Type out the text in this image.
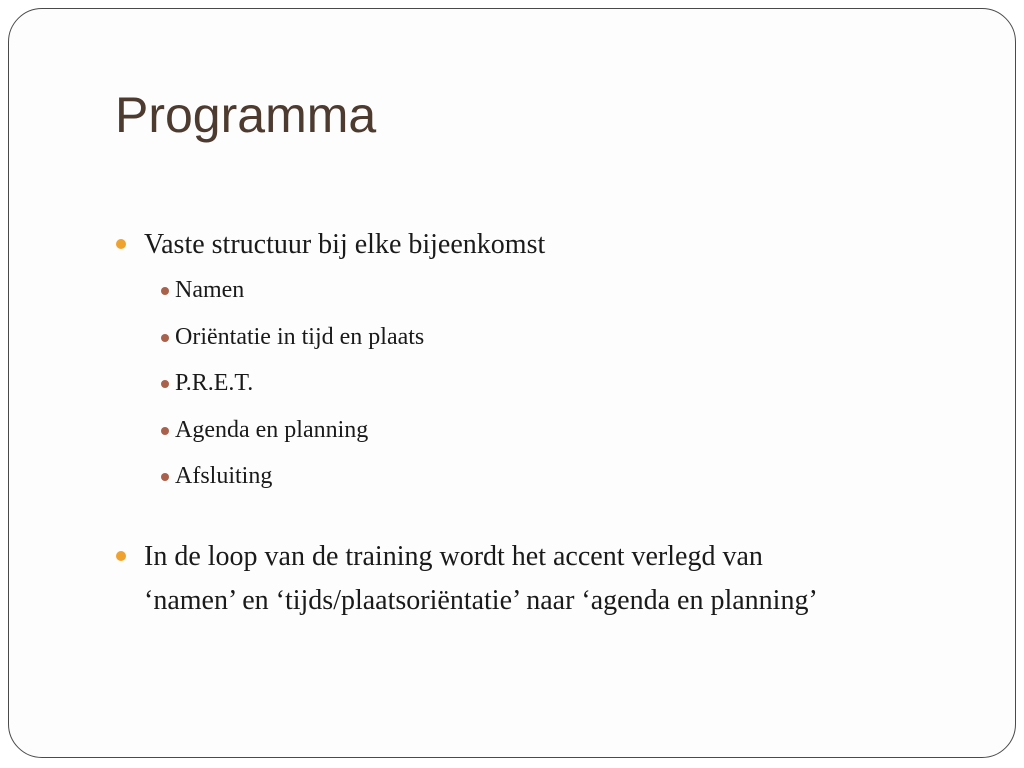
Programma
Vaste structuur bij elke bijeenkomst
Namen
Oriëntatie in tijd en plaats
P.R.E.T.
Agenda en planning
Afsluiting
In de loop van de training wordt het accent verlegd van
‘namen’ en ‘tijds/plaatsoriëntatie’ naar ‘agenda en planning’
